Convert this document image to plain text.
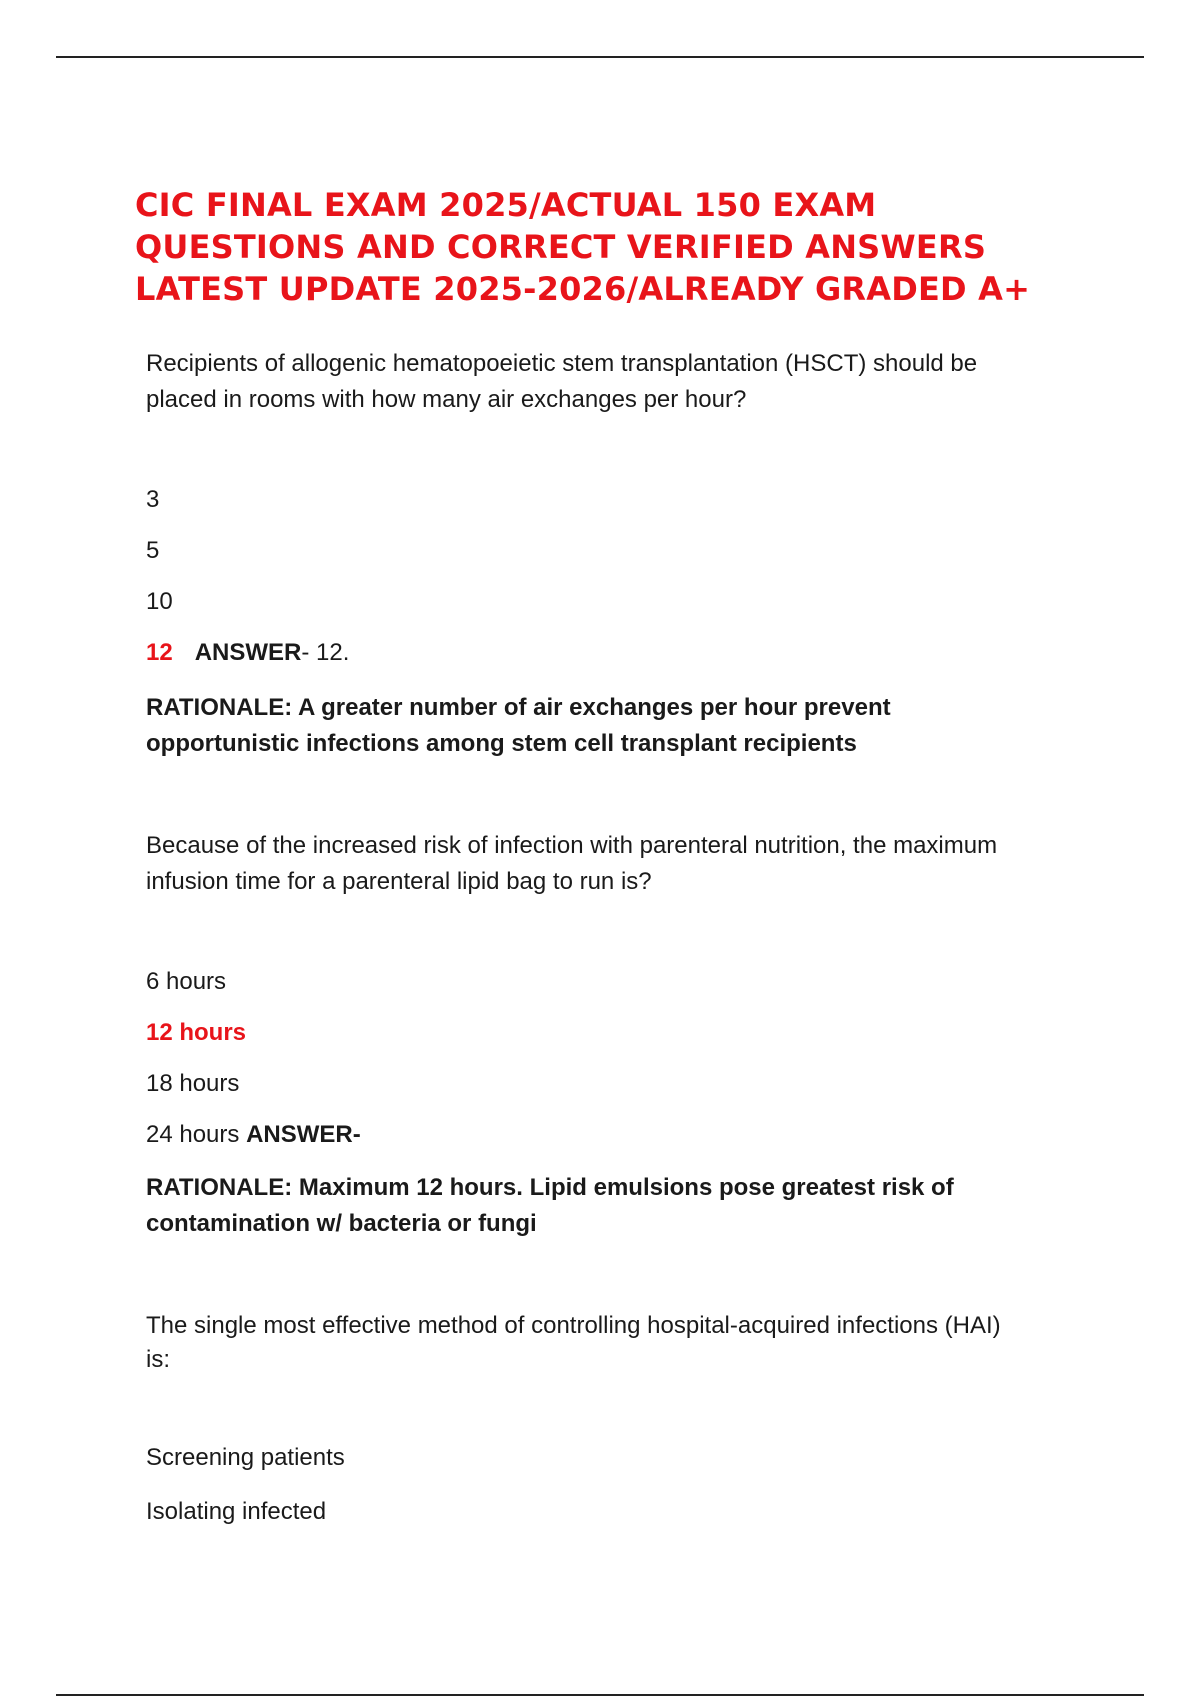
CIC FINAL EXAM 2025/ACTUAL 150 EXAM
QUESTIONS AND CORRECT VERIFIED ANSWERS
LATEST UPDATE 2025-2026/ALREADY GRADED A+

Recipients of allogenic hematopoeietic stem transplantation (HSCT) should be

placed in rooms with how many air exchanges per hour?

3

5

10

12 ANSWER- 12.

RATIONALE: A greater number of air exchanges per hour prevent

opportunistic infections among stem cell transplant recipients

Because of the increased risk of infection with parenteral nutrition, the maximum

infusion time for a parenteral lipid bag to run is?

6 hours

12 hours

18 hours

24 hours ANSWER-

RATIONALE: Maximum 12 hours. Lipid emulsions pose greatest risk of

contamination w/ bacteria or fungi

The single most effective method of controlling hospital-acquired infections (HAI)

is:

Screening patients

Isolating infected
